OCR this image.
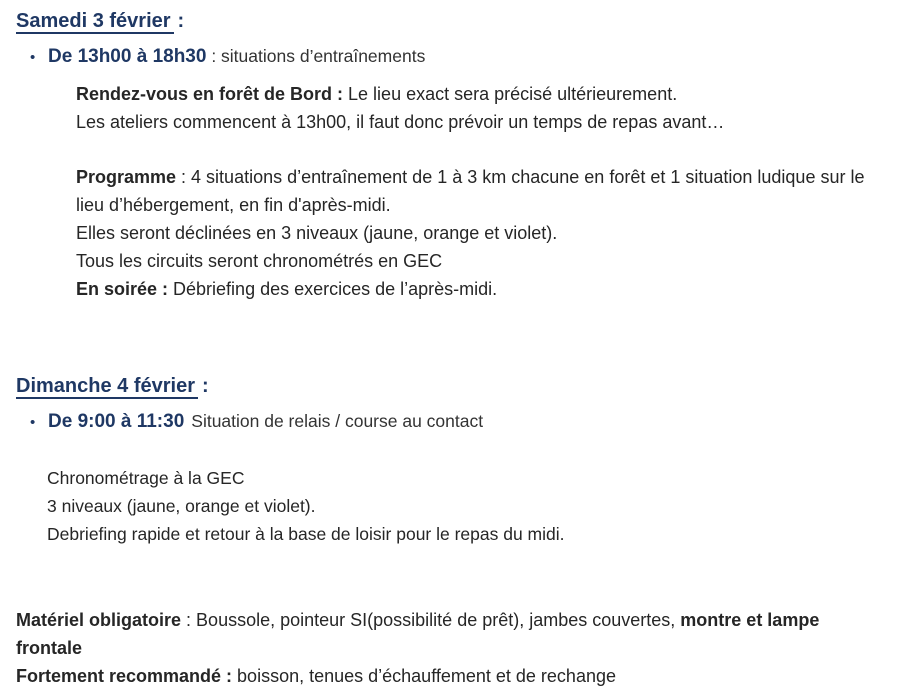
Samedi 3 février :
• De 13h00 à 18h30 : situations d’entraînements
Rendez-vous en forêt de Bord : Le lieu exact sera précisé ultérieurement.
Les ateliers commencent à 13h00, il faut donc prévoir un temps de repas avant…
Programme : 4 situations d’entraînement de 1 à 3 km chacune en forêt et 1 situation ludique sur le
lieu d’hébergement, en fin d'après-midi.
Elles seront déclinées en 3 niveaux (jaune, orange et violet).
Tous les circuits seront chronométrés en GEC
En soirée : Débriefing des exercices de l’après-midi.
Dimanche 4 février :
• De 9:00 à 11:30 Situation de relais / course au contact
Chronométrage à la GEC
3 niveaux (jaune, orange et violet).
Debriefing rapide et retour à la base de loisir pour le repas du midi.
Matériel obligatoire : Boussole, pointeur SI(possibilité de prêt), jambes couvertes, montre et lampe
frontale
Fortement recommandé : boisson, tenues d’échauffement et de rechange
